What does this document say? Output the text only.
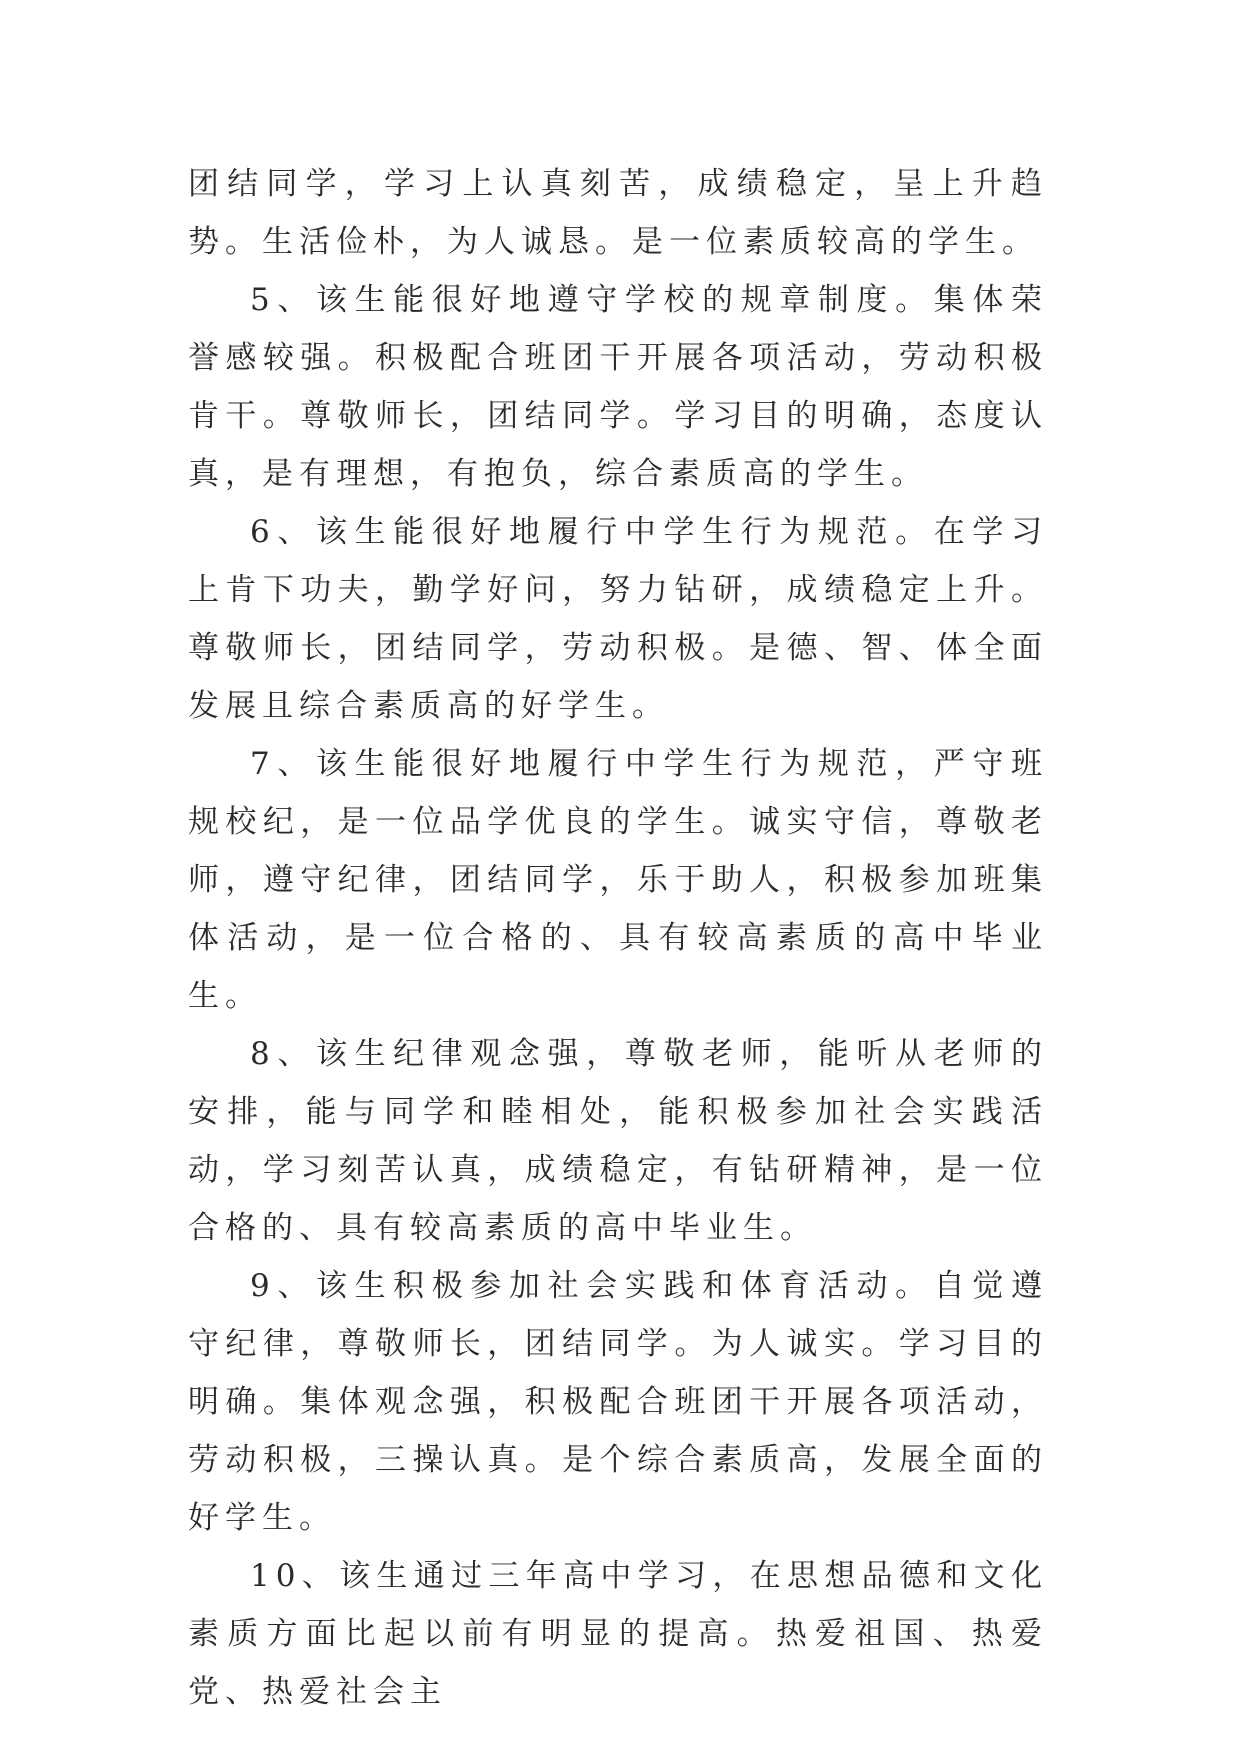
团结同学，学习上认真刻苦，成绩稳定，呈上升趋势。生活俭朴，为人诚恳。是一位素质较高的学生。

5、该生能很好地遵守学校的规章制度。集体荣誉感较强。积极配合班团干开展各项活动，劳动积极肯干。尊敬师长，团结同学。学习目的明确，态度认真，是有理想，有抱负，综合素质高的学生。

6、该生能很好地履行中学生行为规范。在学习上肯下功夫，勤学好问，努力钻研，成绩稳定上升。尊敬师长，团结同学，劳动积极。是德、智、体全面发展且综合素质高的好学生。

7、该生能很好地履行中学生行为规范，严守班规校纪，是一位品学优良的学生。诚实守信，尊敬老师，遵守纪律，团结同学，乐于助人，积极参加班集体活动，是一位合格的、具有较高素质的高中毕业生。

8、该生纪律观念强，尊敬老师，能听从老师的安排，能与同学和睦相处，能积极参加社会实践活动，学习刻苦认真，成绩稳定，有钻研精神，是一位合格的、具有较高素质的高中毕业生。

9、该生积极参加社会实践和体育活动。自觉遵守纪律，尊敬师长，团结同学。为人诚实。学习目的明确。集体观念强，积极配合班团干开展各项活动，劳动积极，三操认真。是个综合素质高，发展全面的好学生。

10、该生通过三年高中学习，在思想品德和文化素质方面比起以前有明显的提高。热爱祖国、热爱党、热爱社会主
